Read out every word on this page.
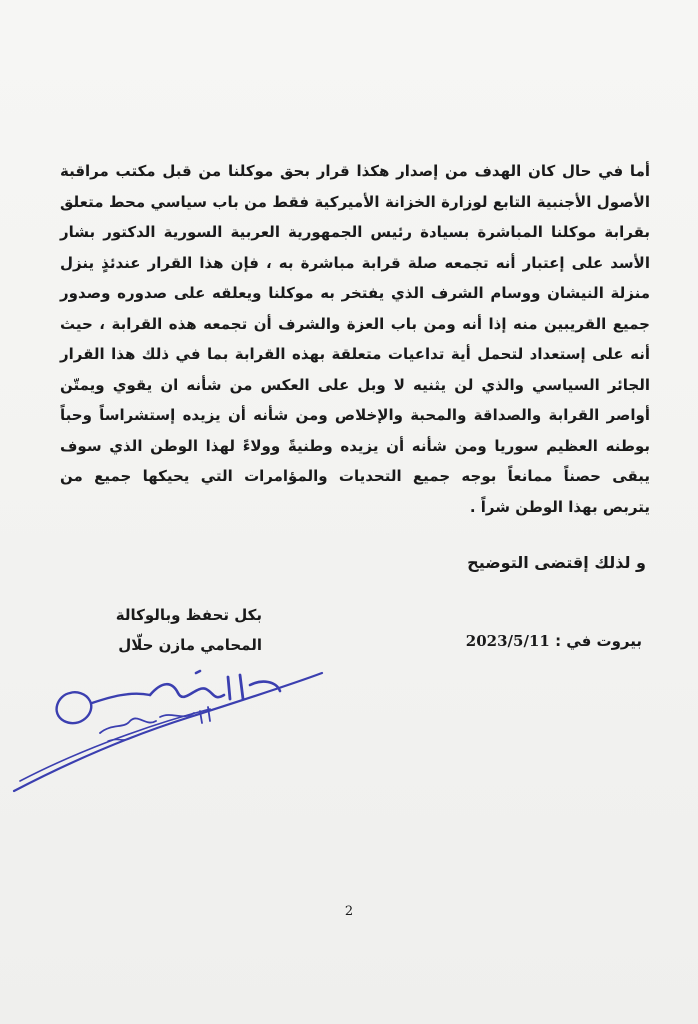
أما في حال كان الهدف من إصدار هكذا قرار بحق موكلنا من قبل مكتب مراقبة
الأصول الأجنبية التابع لوزارة الخزانة الأميركية فقط من باب سياسي محط متعلق
بقرابة موكلنا المباشرة بسيادة رئيس الجمهورية العربية السورية الدكتور بشار
الأسد على إعتبار أنه تجمعه صلة قرابة مباشرة به ، فإن هذا القرار عندئذٍ ينزل
منزلة النيشان ووسام الشرف الذي يفتخر به موكلنا ويعلقه على صدوره وصدور
جميع القريبين منه إذا أنه ومن باب العزة والشرف أن تجمعه هذه القرابة ، حيث
أنه على إستعداد لتحمل أية تداعيات متعلقة بهذه القرابة بما في ذلك هذا القرار
الجائر السياسي والذي لن يثنيه لا وبل على العكس من شأنه ان يقوي ويمتّن
أواصر القرابة والصداقة والمحبة والإخلاص ومن شأنه أن يزيده إستشراساً وحباً
بوطنه العظيم سوريا ومن شأنه أن يزيده وطنيةً وولاءً لهذا الوطن الذي سوف
يبقى حصناً ممانعاً بوجه جميع التحديات والمؤامرات التي يحيكها جميع من
يتربص بهذا الوطن شراً .
و لذلك إقتضى التوضيح
بكل تحفظ وبالوكالة
المحامي مازن حلّال	بيروت في : 2023/5/11
2
